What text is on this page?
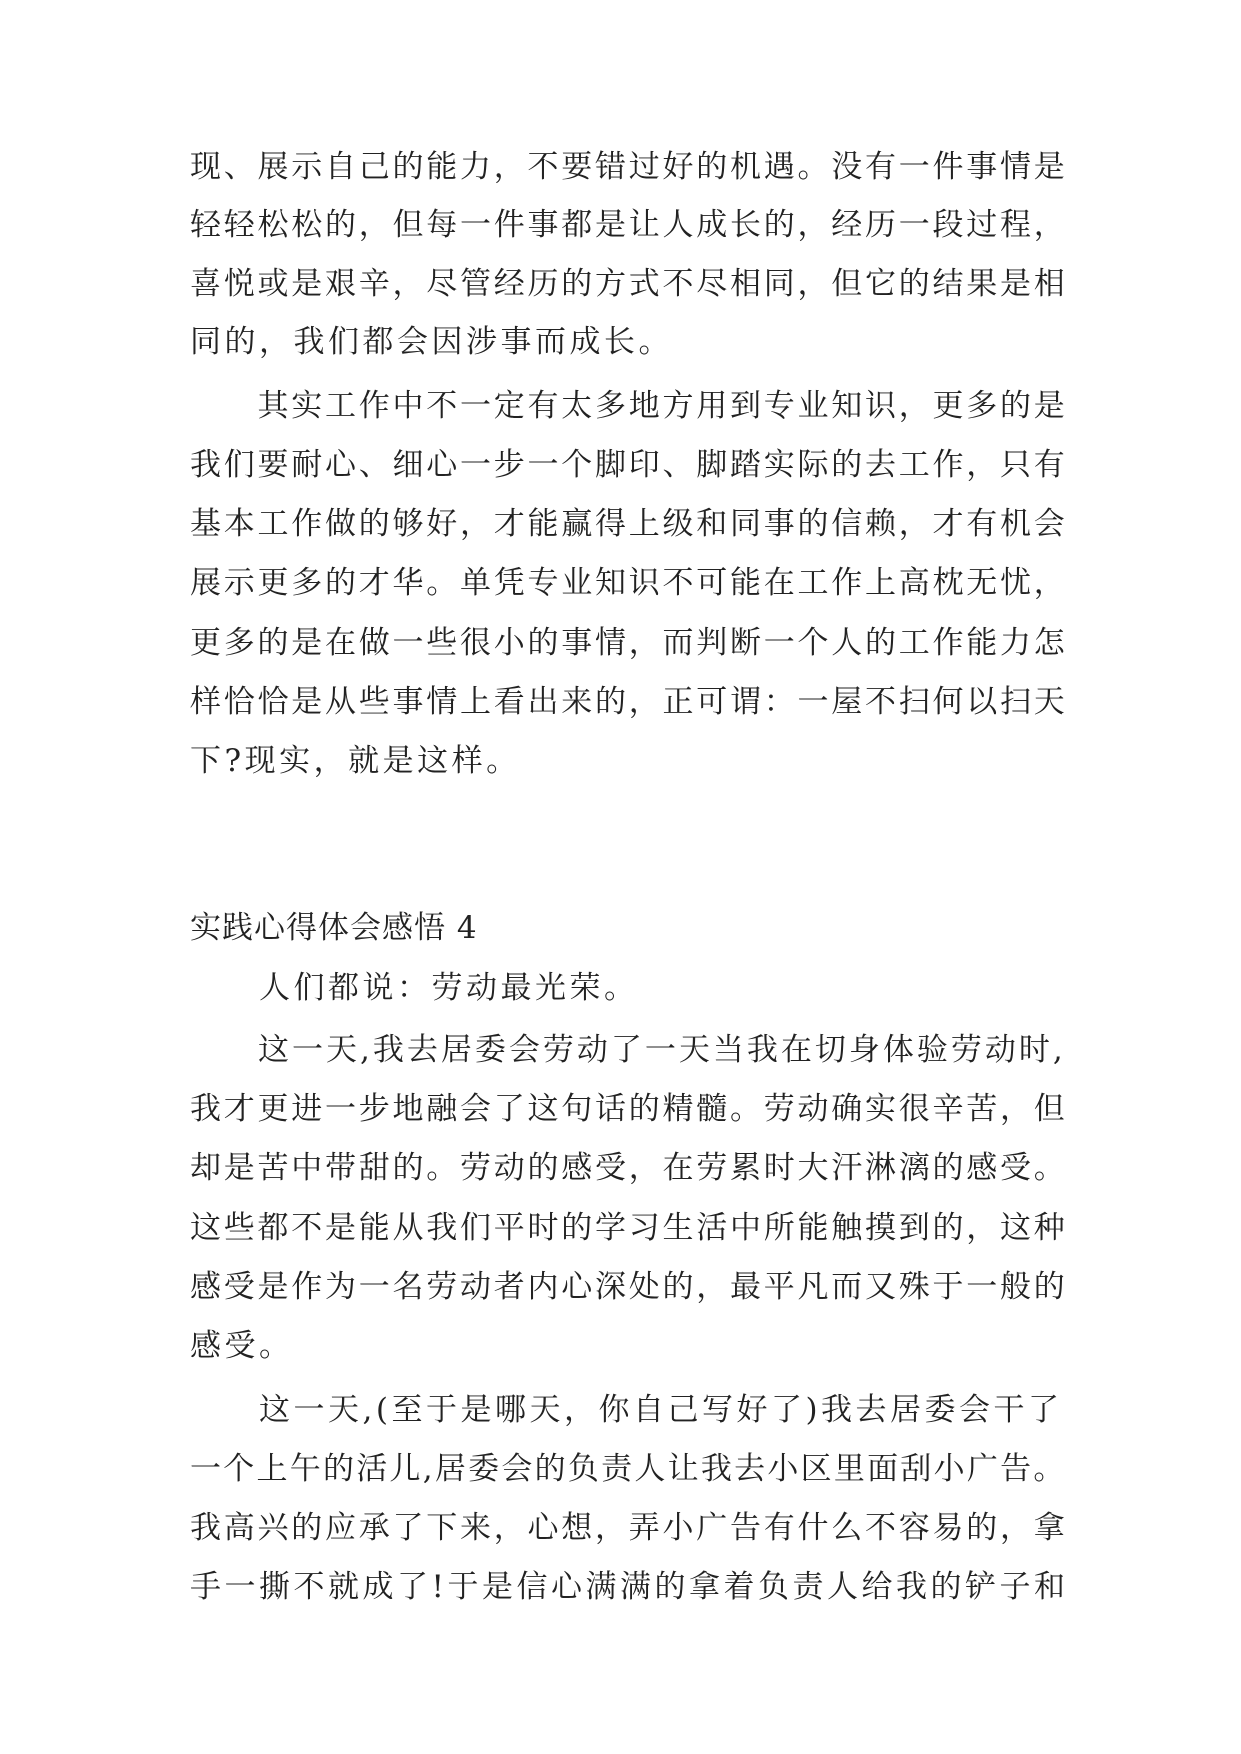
现、展示自己的能力，不要错过好的机遇。没有一件事情是
轻轻松松的，但每一件事都是让人成长的，经历一段过程，
喜悦或是艰辛，尽管经历的方式不尽相同，但它的结果是相
同的，我们都会因涉事而成长。
　　其实工作中不一定有太多地方用到专业知识，更多的是
我们要耐心、细心一步一个脚印、脚踏实际的去工作，只有
基本工作做的够好，才能赢得上级和同事的信赖，才有机会
展示更多的才华。单凭专业知识不可能在工作上高枕无忧，
更多的是在做一些很小的事情，而判断一个人的工作能力怎
样恰恰是从些事情上看出来的，正可谓：一屋不扫何以扫天
下?现实，就是这样。
实践心得体会感悟 4
　　人们都说：劳动最光荣。
　　这一天,我去居委会劳动了一天当我在切身体验劳动时,
我才更进一步地融会了这句话的精髓。劳动确实很辛苦，但
却是苦中带甜的。劳动的感受，在劳累时大汗淋漓的感受。
这些都不是能从我们平时的学习生活中所能触摸到的，这种
感受是作为一名劳动者内心深处的，最平凡而又殊于一般的
感受。
　　这一天,(至于是哪天，你自己写好了)我去居委会干了
一个上午的活儿,居委会的负责人让我去小区里面刮小广告。
我高兴的应承了下来，心想，弄小广告有什么不容易的，拿
手一撕不就成了!于是信心满满的拿着负责人给我的铲子和
